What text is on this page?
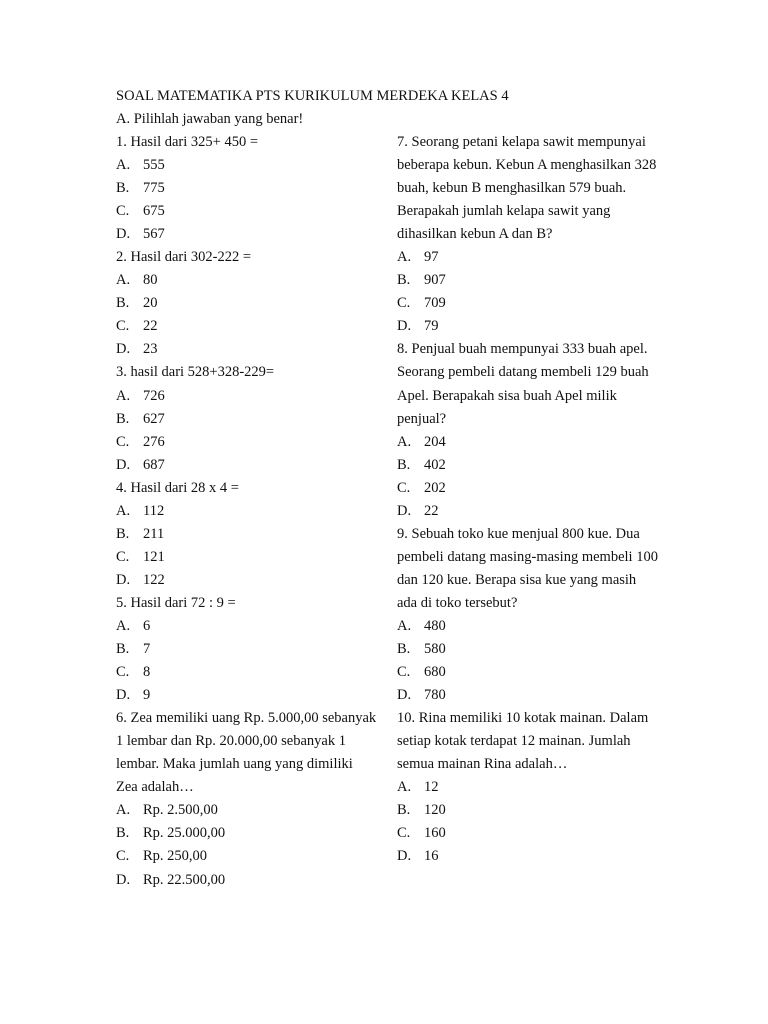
SOAL MATEMATIKA PTS KURIKULUM MERDEKA KELAS 4
A. Pilihlah jawaban yang benar!
1. Hasil dari 325+ 450 =
A. 555
B. 775
C. 675
D. 567
2. Hasil dari 302-222 =
A. 80
B. 20
C. 22
D. 23
3. hasil dari 528+328-229=
A. 726
B. 627
C. 276
D. 687
4. Hasil dari 28 x 4 =
A. 112
B. 211
C. 121
D. 122
5. Hasil dari 72 : 9 =
A. 6
B. 7
C. 8
D. 9
6. Zea memiliki uang Rp. 5.000,00 sebanyak 1 lembar dan Rp. 20.000,00 sebanyak 1 lembar. Maka jumlah uang yang dimiliki Zea adalah…
A. Rp. 2.500,00
B. Rp. 25.000,00
C. Rp. 250,00
D. Rp. 22.500,00
7. Seorang petani kelapa sawit mempunyai beberapa kebun. Kebun A menghasilkan 328 buah, kebun B menghasilkan 579 buah. Berapakah jumlah kelapa sawit yang dihasilkan kebun A dan B?
A. 97
B. 907
C. 709
D. 79
8. Penjual buah mempunyai 333 buah apel. Seorang pembeli datang membeli 129 buah Apel. Berapakah sisa buah Apel milik penjual?
A. 204
B. 402
C. 202
D. 22
9. Sebuah toko kue menjual 800 kue. Dua pembeli datang masing-masing membeli 100 dan 120 kue. Berapa sisa kue yang masih ada di toko tersebut?
A. 480
B. 580
C. 680
D. 780
10. Rina memiliki 10 kotak mainan. Dalam setiap kotak terdapat 12 mainan. Jumlah semua mainan Rina adalah…
A. 12
B. 120
C. 160
D. 16
